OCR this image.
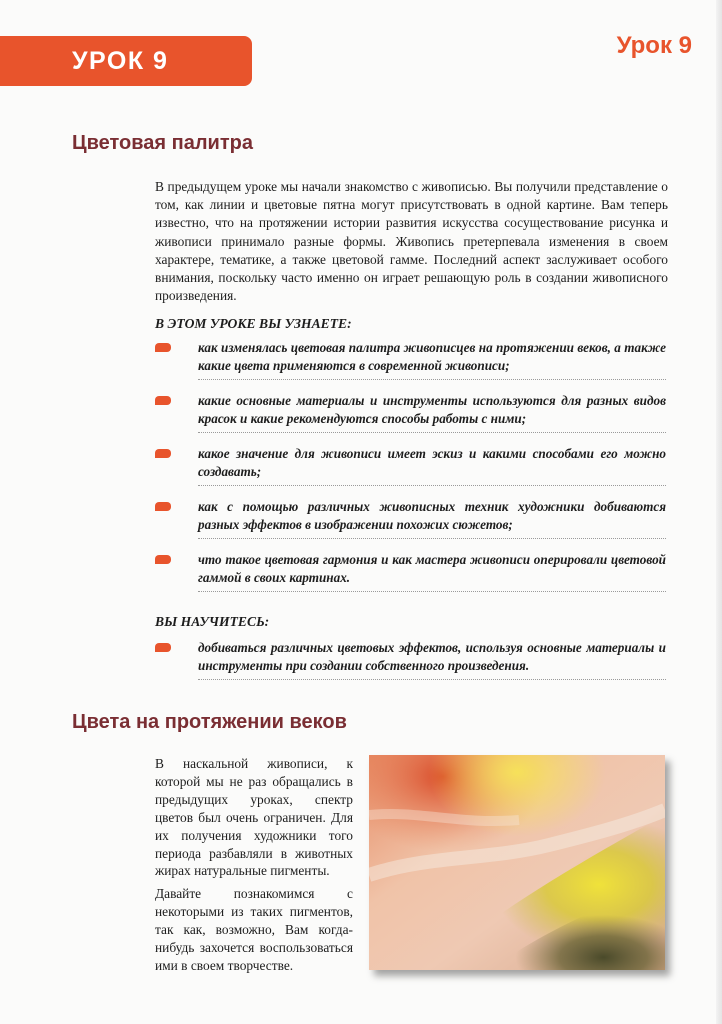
УРОК 9
Урок 9
Цветовая палитра

В предыдущем уроке мы начали знакомство с живописью. Вы получили представление о том, как линии и цветовые пятна могут присутствовать в одной картине. Вам теперь известно, что на протяжении истории развития искусства сосуществование рисунка и живописи принимало разные формы. Живопись претерпевала изменения в своем характере, тематике, а также цветовой гамме. Последний аспект заслуживает особого внимания, поскольку часто именно он играет решающую роль в создании живописного произведения.

В ЭТОМ УРОКЕ ВЫ УЗНАЕТЕ:

как изменялась цветовая палитра живописцев на протяжении веков, а также какие цвета применяются в современной живописи;

какие основные материалы и инструменты используются для разных видов красок и какие рекомендуются способы работы с ними;

какое значение для живописи имеет эскиз и какими способами его можно создавать;

как с помощью различных живописных техник художники добиваются разных эффектов в изображении похожих сюжетов;

что такое цветовая гармония и как мастера живописи оперировали цветовой гаммой в своих картинах.

ВЫ НАУЧИТЕСЬ:

добиваться различных цветовых эффектов, используя основные материалы и инструменты при создании собственного произведения.

Цвета на протяжении веков

В наскальной живописи, к которой мы не раз обращались в предыдущих уроках, спектр цветов был очень ограничен. Для их получения художники того периода разбавляли в животных жирах натуральные пигменты.

Давайте познакомимся с некоторыми из таких пигментов, так как, возможно, Вам когда-нибудь захочется воспользоваться ими в своем творчестве.
